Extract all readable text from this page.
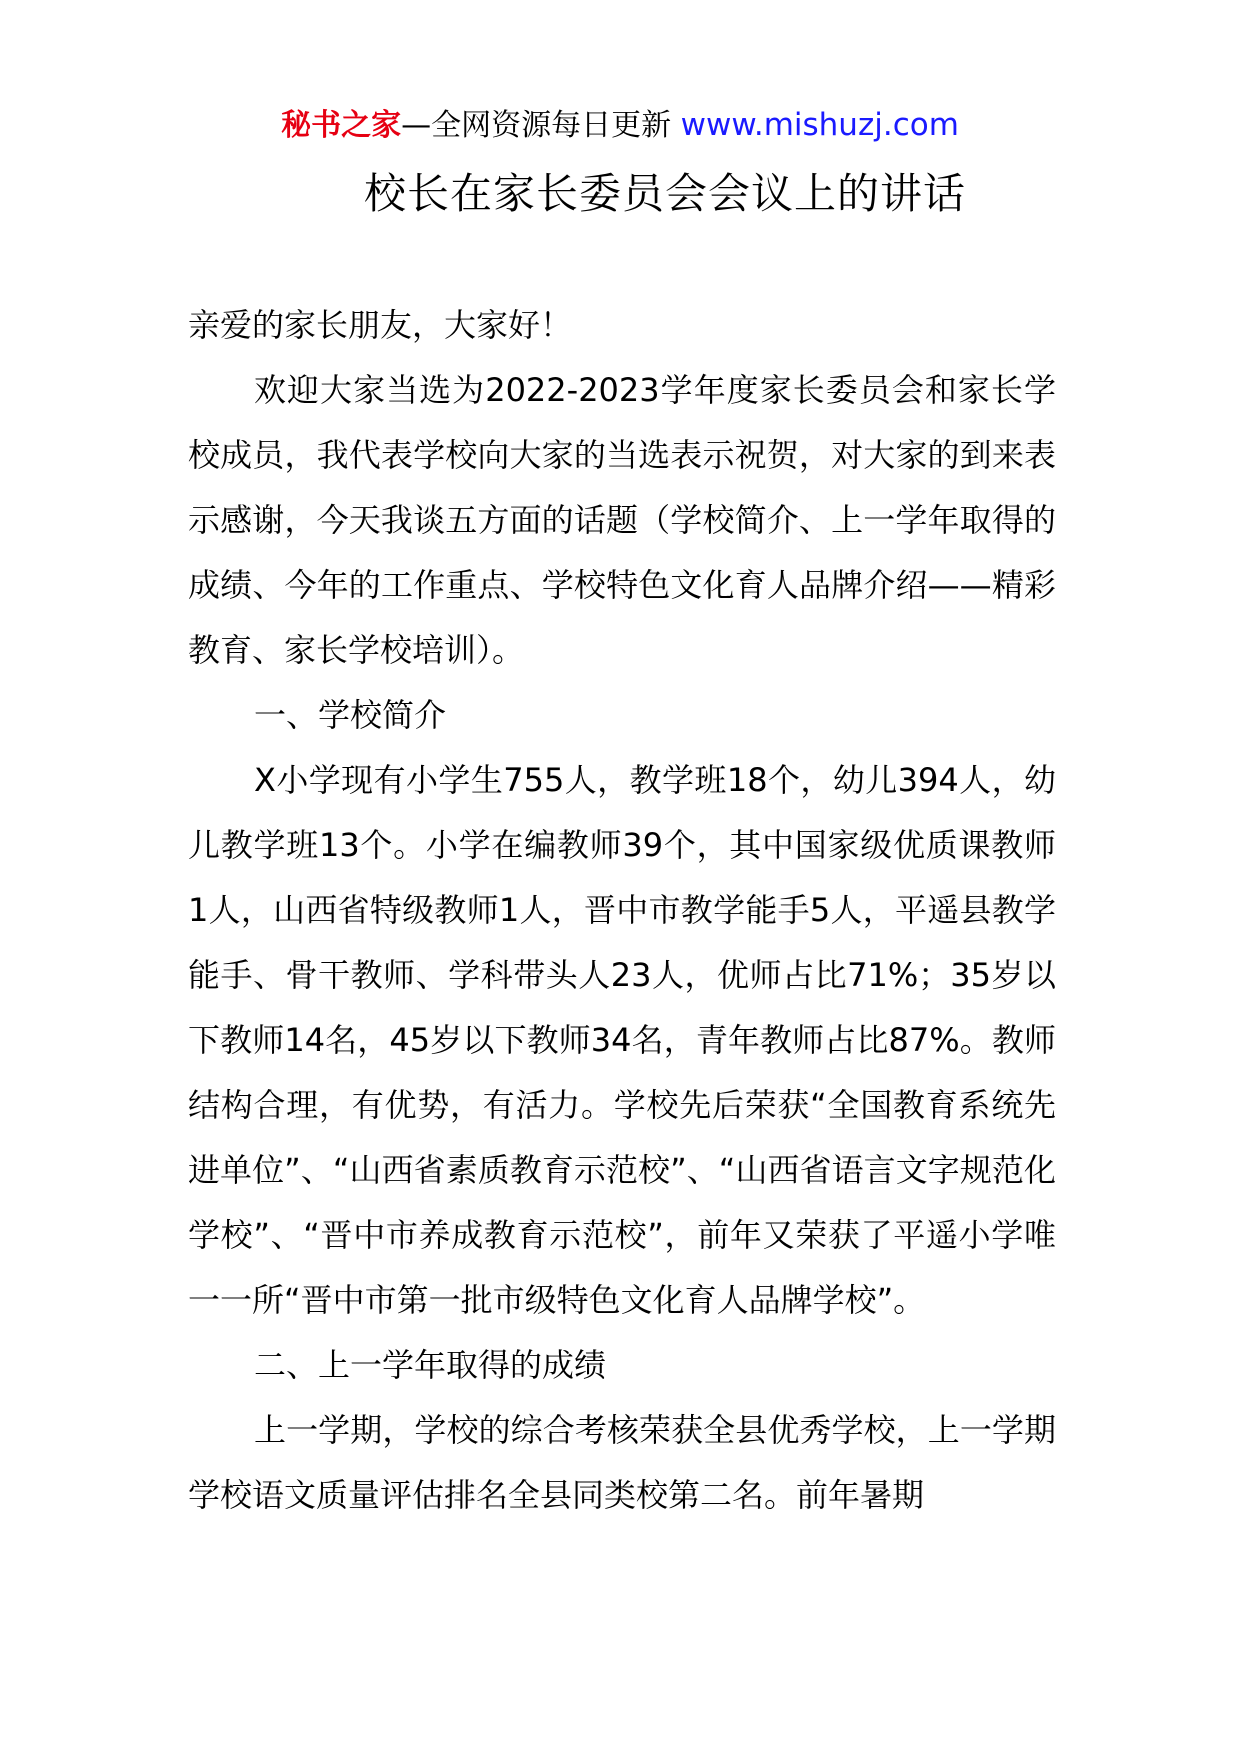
秘书之家—全网资源每日更新 www.mishuzj.com
校长在家长委员会会议上的讲话

亲爱的家长朋友，大家好！

欢迎大家当选为2022-2023学年度家长委员会和家长学校成员，我代表学校向大家的当选表示祝贺，对大家的到来表示感谢，今天我谈五方面的话题（学校简介、上一学年取得的成绩、今年的工作重点、学校特色文化育人品牌介绍——精彩教育、家长学校培训）。

一、学校简介

X小学现有小学生755人，教学班18个，幼儿394人，幼儿教学班13个。小学在编教师39个，其中国家级优质课教师1人，山西省特级教师1人，晋中市教学能手5人，平遥县教学能手、骨干教师、学科带头人23人，优师占比71%；35岁以下教师14名，45岁以下教师34名，青年教师占比87%。教师结构合理，有优势，有活力。学校先后荣获“全国教育系统先进单位”、“山西省素质教育示范校”、“山西省语言文字规范化学校”、“晋中市养成教育示范校”，前年又荣获了平遥小学唯一一所“晋中市第一批市级特色文化育人品牌学校”。

二、上一学年取得的成绩

上一学期，学校的综合考核荣获全县优秀学校，上一学期学校语文质量评估排名全县同类校第二名。前年暑期
